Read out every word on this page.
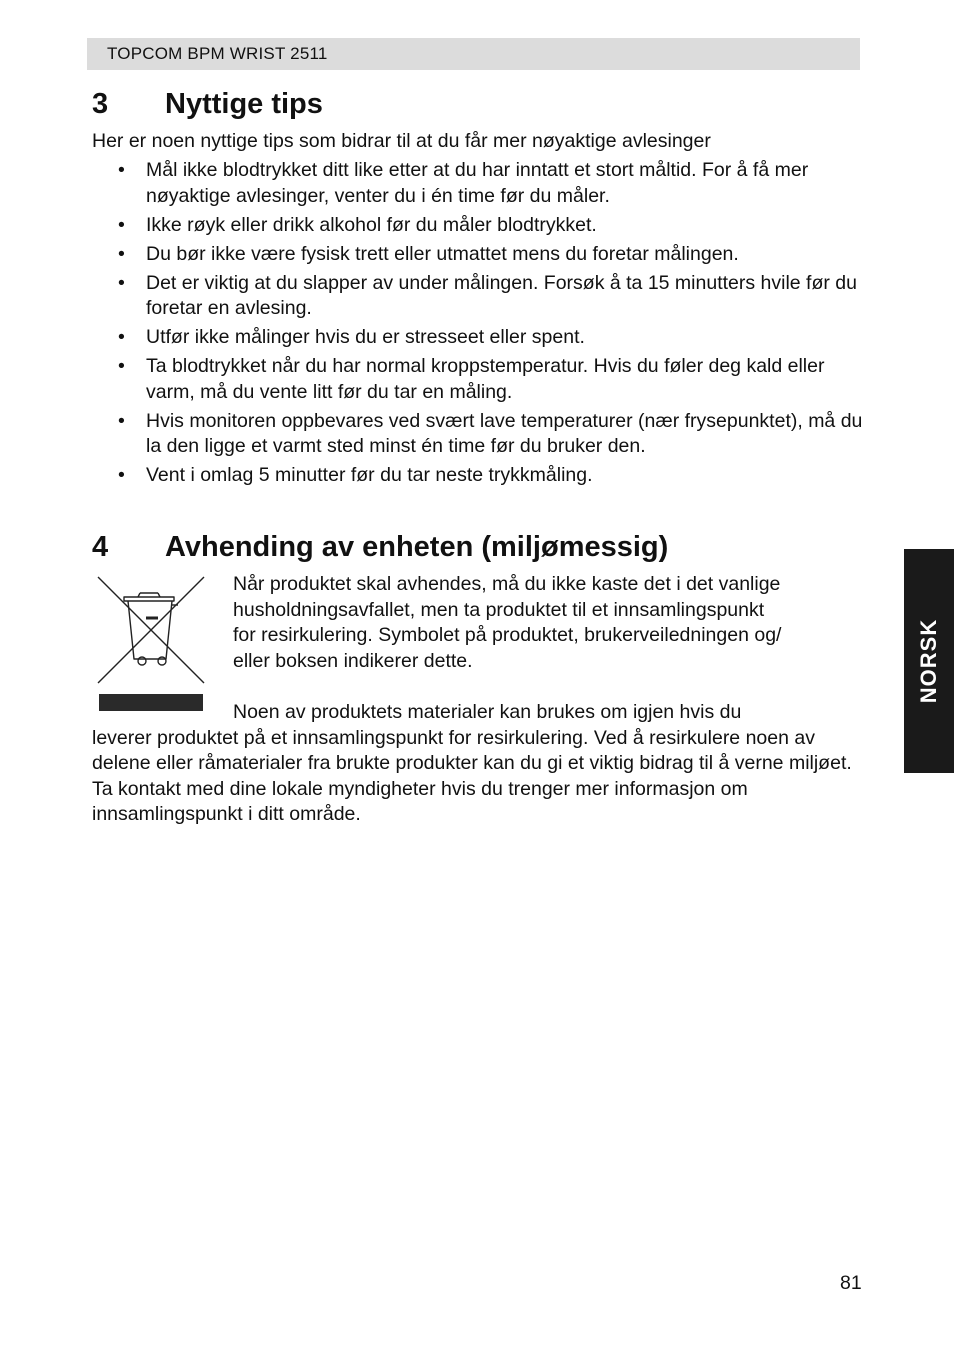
TOPCOM BPM WRIST 2511
3 Nyttige tips

Her er noen nyttige tips som bidrar til at du får mer nøyaktige avlesinger

• Mål ikke blodtrykket ditt like etter at du har inntatt et stort måltid. For å få mer nøyaktige avlesinger, venter du i én time før du måler.
• Ikke røyk eller drikk alkohol før du måler blodtrykket.
• Du bør ikke være fysisk trett eller utmattet mens du foretar målingen.
• Det er viktig at du slapper av under målingen. Forsøk å ta 15 minutters hvile før du foretar en avlesing.
• Utfør ikke målinger hvis du er stresseet eller spent.
• Ta blodtrykket når du har normal kroppstemperatur. Hvis du føler deg kald eller varm, må du vente litt før du tar en måling.
• Hvis monitoren oppbevares ved svært lave temperaturer (nær frysepunktet), må du la den ligge et varmt sted minst én time før du bruker den.
• Vent i omlag 5 minutter før du tar neste trykkmåling.
4 Avhending av enheten (miljømessig)
Når produktet skal avhendes, må du ikke kaste det i det vanlige
husholdningsavfallet, men ta produktet til et innsamlingspunkt
for resirkulering. Symbolet på produktet, brukerveiledningen og/
eller boksen indikerer dette.
Noen av produktets materialer kan brukes om igjen hvis du
leverer produktet på et innsamlingspunkt for resirkulering. Ved å resirkulere noen av delene eller råmaterialer fra brukte produkter kan du gi et viktig bidrag til å verne miljøet.
Ta kontakt med dine lokale myndigheter hvis du trenger mer informasjon om innsamlingspunkt i ditt område.
NORSK
81
